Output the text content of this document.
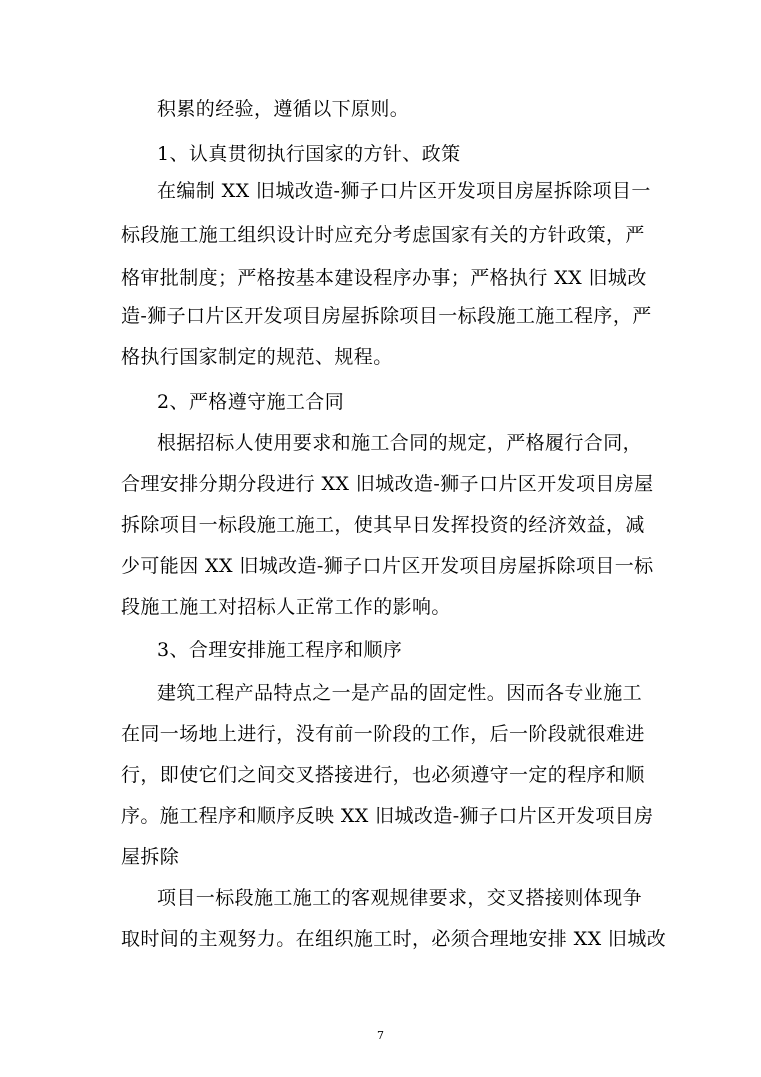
积累的经验，遵循以下原则。
1、认真贯彻执行国家的方针、政策
在编制 XX 旧城改造-狮子口片区开发项目房屋拆除项目一
标段施工施工组织设计时应充分考虑国家有关的方针政策，严
格审批制度；严格按基本建设程序办事；严格执行 XX 旧城改
造-狮子口片区开发项目房屋拆除项目一标段施工施工程序，严
格执行国家制定的规范、规程。
2、严格遵守施工合同
根据招标人使用要求和施工合同的规定，严格履行合同，
合理安排分期分段进行 XX 旧城改造-狮子口片区开发项目房屋
拆除项目一标段施工施工，使其早日发挥投资的经济效益，减
少可能因 XX 旧城改造-狮子口片区开发项目房屋拆除项目一标
段施工施工对招标人正常工作的影响。
3、合理安排施工程序和顺序
建筑工程产品特点之一是产品的固定性。因而各专业施工
在同一场地上进行，没有前一阶段的工作，后一阶段就很难进
行，即使它们之间交叉搭接进行，也必须遵守一定的程序和顺
序。施工程序和顺序反映 XX 旧城改造-狮子口片区开发项目房
屋拆除
项目一标段施工施工的客观规律要求，交叉搭接则体现争
取时间的主观努力。在组织施工时，必须合理地安排 XX 旧城改
7
